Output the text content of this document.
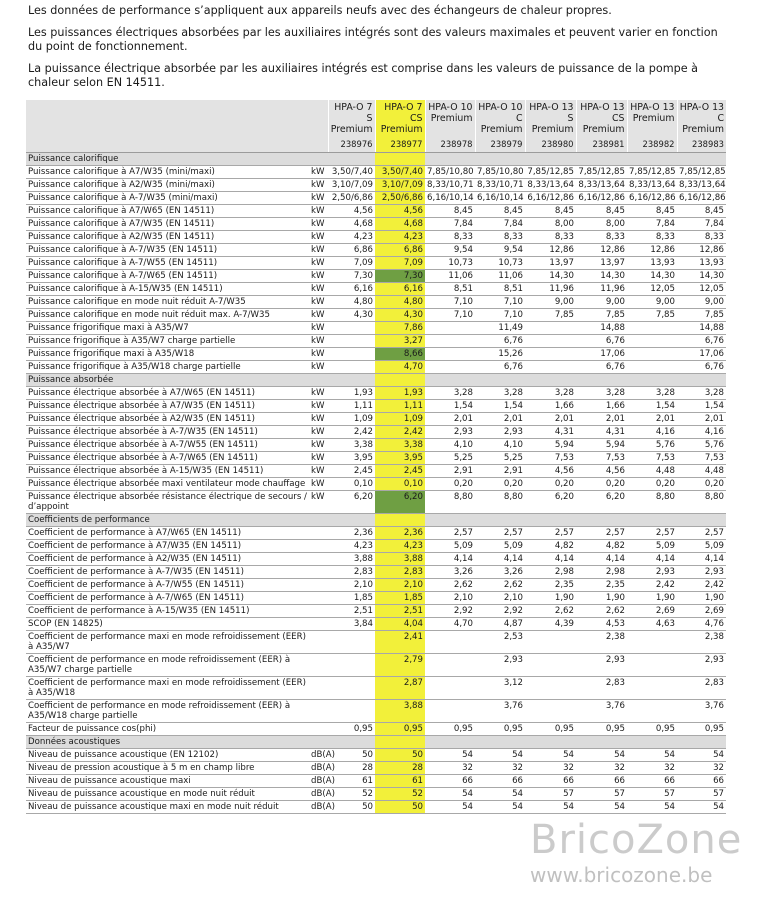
Les données de performance s’appliquent aux appareils neufs avec des échangeurs de chaleur propres.

Les puissances électriques absorbées par les auxiliaires intégrés sont des valeurs maximales et peuvent varier en fonction du point de fonctionnement.

La puissance électrique absorbée par les auxiliaires intégrés est comprise dans les valeurs de puissance de la pompe à chaleur selon EN 14511.

		HPA-O 7 S Premium	HPA-O 7 CS Premium	HPA-O 10 Premium	HPA-O 10 C Premium	HPA-O 13 S Premium	HPA-O 13 CS Premium	HPA-O 13 Premium	HPA-O 13 C Premium
		238976	238977	238978	238979	238980	238981	238982	238983
Puissance calorifique									
Puissance calorifique à A7/W35 (mini/maxi)	kW	3,50/7,40	3,50/7,40	7,85/10,80	7,85/10,80	7,85/12,85	7,85/12,85	7,85/12,85	7,85/12,85
Puissance calorifique à A2/W35 (mini/maxi)	kW	3,10/7,09	3,10/7,09	8,33/10,71	8,33/10,71	8,33/13,64	8,33/13,64	8,33/13,64	8,33/13,64
Puissance calorifique à A-7/W35 (mini/maxi)	kW	2,50/6,86	2,50/6,86	6,16/10,14	6,16/10,14	6,16/12,86	6,16/12,86	6,16/12,86	6,16/12,86
Puissance calorifique à A7/W65 (EN 14511)	kW	4,56	4,56	8,45	8,45	8,45	8,45	8,45	8,45
Puissance calorifique à A7/W35 (EN 14511)	kW	4,68	4,68	7,84	7,84	8,00	8,00	7,84	7,84
Puissance calorifique à A2/W35 (EN 14511)	kW	4,23	4,23	8,33	8,33	8,33	8,33	8,33	8,33
Puissance calorifique à A-7/W35 (EN 14511)	kW	6,86	6,86	9,54	9,54	12,86	12,86	12,86	12,86
Puissance calorifique à A-7/W55 (EN 14511)	kW	7,09	7,09	10,73	10,73	13,97	13,97	13,93	13,93
Puissance calorifique à A-7/W65 (EN 14511)	kW	7,30	7,30	11,06	11,06	14,30	14,30	14,30	14,30
Puissance calorifique à A-15/W35 (EN 14511)	kW	6,16	6,16	8,51	8,51	11,96	11,96	12,05	12,05
Puissance calorifique en mode nuit réduit A-7/W35	kW	4,80	4,80	7,10	7,10	9,00	9,00	9,00	9,00
Puissance calorifique en mode nuit réduit max. A-7/W35	kW	4,30	4,30	7,10	7,10	7,85	7,85	7,85	7,85
Puissance frigorifique maxi à A35/W7	kW		7,86		11,49		14,88		14,88
Puissance frigorifique à A35/W7 charge partielle	kW		3,27		6,76		6,76		6,76
Puissance frigorifique maxi à A35/W18	kW		8,66		15,26		17,06		17,06
Puissance frigorifique à A35/W18 charge partielle	kW		4,70		6,76		6,76		6,76
Puissance absorbée									
Puissance électrique absorbée à A7/W65 (EN 14511)	kW	1,93	1,93	3,28	3,28	3,28	3,28	3,28	3,28
Puissance électrique absorbée à A7/W35 (EN 14511)	kW	1,11	1,11	1,54	1,54	1,66	1,66	1,54	1,54
Puissance électrique absorbée à A2/W35 (EN 14511)	kW	1,09	1,09	2,01	2,01	2,01	2,01	2,01	2,01
Puissance électrique absorbée à A-7/W35 (EN 14511)	kW	2,42	2,42	2,93	2,93	4,31	4,31	4,16	4,16
Puissance électrique absorbée à A-7/W55 (EN 14511)	kW	3,38	3,38	4,10	4,10	5,94	5,94	5,76	5,76
Puissance électrique absorbée à A-7/W65 (EN 14511)	kW	3,95	3,95	5,25	5,25	7,53	7,53	7,53	7,53
Puissance électrique absorbée à A-15/W35 (EN 14511)	kW	2,45	2,45	2,91	2,91	4,56	4,56	4,48	4,48
Puissance électrique absorbée maxi ventilateur mode chauffage	kW	0,10	0,10	0,20	0,20	0,20	0,20	0,20	0,20
Puissance électrique absorbée résistance électrique de secours / d’appoint	kW	6,20	6,20	8,80	8,80	6,20	6,20	8,80	8,80
Coefficients de performance									
Coefficient de performance à A7/W65 (EN 14511)		2,36	2,36	2,57	2,57	2,57	2,57	2,57	2,57
Coefficient de performance à A7/W35 (EN 14511)		4,23	4,23	5,09	5,09	4,82	4,82	5,09	5,09
Coefficient de performance à A2/W35 (EN 14511)		3,88	3,88	4,14	4,14	4,14	4,14	4,14	4,14
Coefficient de performance à A-7/W35 (EN 14511)		2,83	2,83	3,26	3,26	2,98	2,98	2,93	2,93
Coefficient de performance à A-7/W55 (EN 14511)		2,10	2,10	2,62	2,62	2,35	2,35	2,42	2,42
Coefficient de performance à A-7/W65 (EN 14511)		1,85	1,85	2,10	2,10	1,90	1,90	1,90	1,90
Coefficient de performance à A-15/W35 (EN 14511)		2,51	2,51	2,92	2,92	2,62	2,62	2,69	2,69
SCOP (EN 14825)		3,84	4,04	4,70	4,87	4,39	4,53	4,63	4,76
Coefficient de performance maxi en mode refroidissement (EER) à A35/W7			2,41		2,53		2,38		2,38
Coefficient de performance en mode refroidissement (EER) à A35/W7 charge partielle			2,79		2,93		2,93		2,93
Coefficient de performance maxi en mode refroidissement (EER) à A35/W18			2,87		3,12		2,83		2,83
Coefficient de performance en mode refroidissement (EER) à A35/W18 charge partielle			3,88		3,76		3,76		3,76
Facteur de puissance cos(phi)		0,95	0,95	0,95	0,95	0,95	0,95	0,95	0,95
Données acoustiques									
Niveau de puissance acoustique (EN 12102)	dB(A)	50	50	54	54	54	54	54	54
Niveau de pression acoustique à 5 m en champ libre	dB(A)	28	28	32	32	32	32	32	32
Niveau de puissance acoustique maxi	dB(A)	61	61	66	66	66	66	66	66
Niveau de puissance acoustique en mode nuit réduit	dB(A)	52	52	54	54	57	57	57	57
Niveau de puissance acoustique maxi en mode nuit réduit	dB(A)	50	50	54	54	54	54	54	54
BricoZone
www.bricozone.be
